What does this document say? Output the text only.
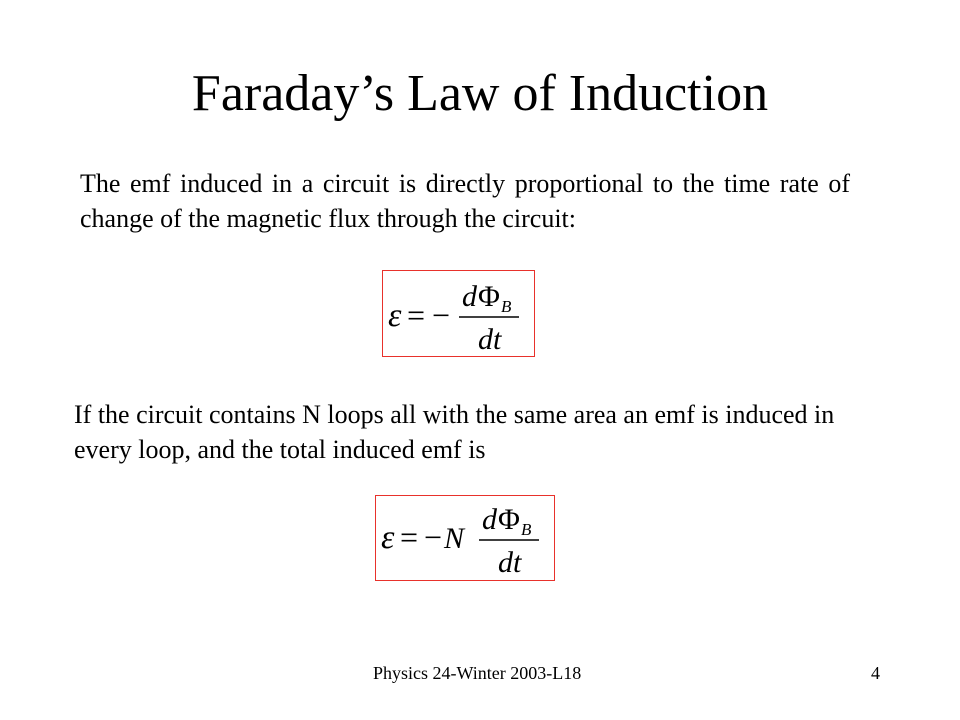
Faraday’s Law of Induction

The emf induced in a circuit is directly proportional to the time rate of change of the magnetic flux through the circuit:

ε = −
d Φ B
dt

If the circuit contains N loops all with the same area an emf is induced in every loop, and the total induced emf is

ε = − N
d Φ B
dt
Physics 24-Winter 2003-L18	4
